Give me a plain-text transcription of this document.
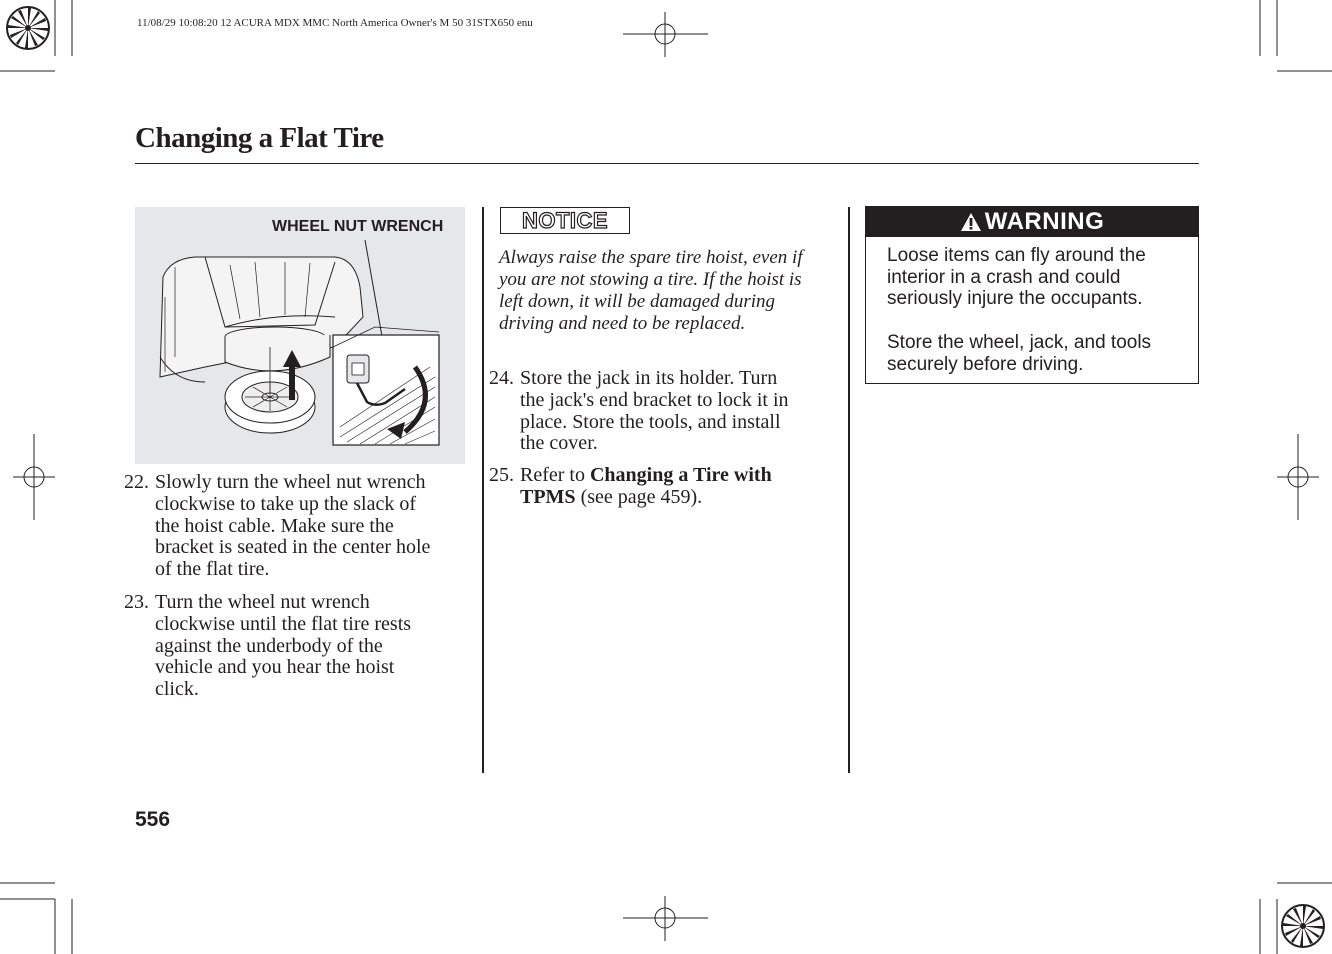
11/08/29 10:08:20 12 ACURA MDX MMC North America Owner's M 50 31STX650 enu
Changing a Flat Tire
WHEEL NUT WRENCH
22. Slowly turn the wheel nut wrench
clockwise to take up the slack of
the hoist cable. Make sure the
bracket is seated in the center hole
of the flat tire.
23. Turn the wheel nut wrench
clockwise until the flat tire rests
against the underbody of the
vehicle and you hear the hoist
click.
NOTICE
Always raise the spare tire hoist, even if
you are not stowing a tire. If the hoist is
left down, it will be damaged during
driving and need to be replaced.
24. Store the jack in its holder. Turn
the jack's end bracket to lock it in
place. Store the tools, and install
the cover.
25. Refer to Changing a Tire with
TPMS (see page 459).
WARNING

Loose items can fly around the
interior in a crash and could
seriously injure the occupants.

Store the wheel, jack, and tools
securely before driving.

556
